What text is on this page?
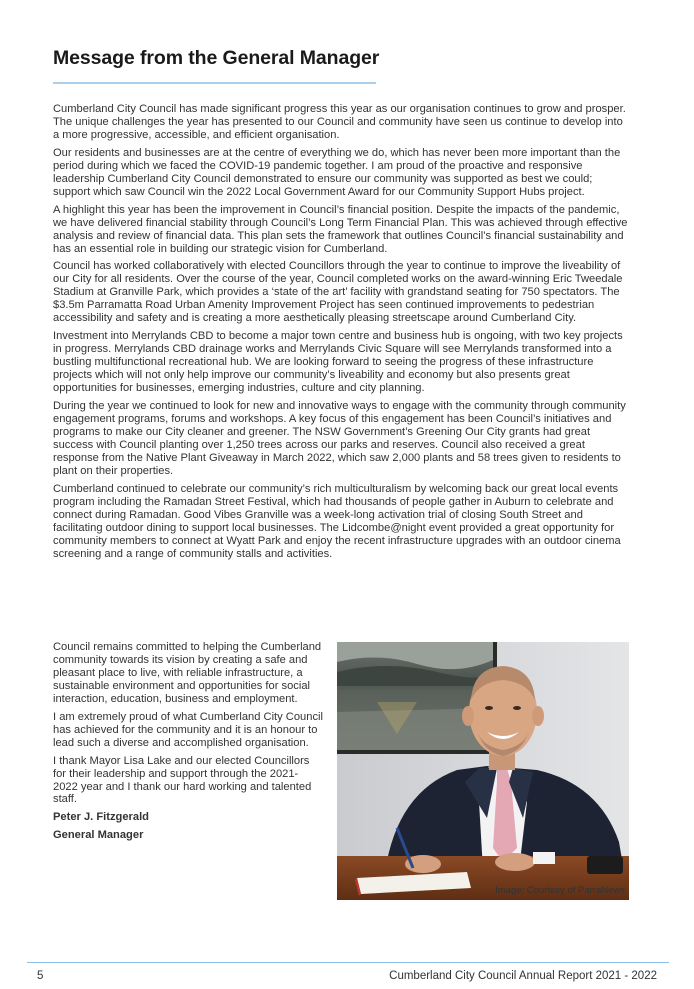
Message from the General Manager

Cumberland City Council has made significant progress this year as our organisation continues to grow and prosper. The unique challenges the year has presented to our Council and community have seen us continue to develop into a more progressive, accessible, and efficient organisation.

Our residents and businesses are at the centre of everything we do, which has never been more important than the period during which we faced the COVID-19 pandemic together. I am proud of the proactive and responsive leadership Cumberland City Council demonstrated to ensure our community was supported as best we could; support which saw Council win the 2022 Local Government Award for our Community Support Hubs project.

A highlight this year has been the improvement in Council’s financial position. Despite the impacts of the pandemic, we have delivered financial stability through Council’s Long Term Financial Plan. This was achieved through effective analysis and review of financial data. This plan sets the framework that outlines Council’s financial sustainability and has an essential role in building our strategic vision for Cumberland.

Council has worked collaboratively with elected Councillors through the year to continue to improve the liveability of our City for all residents. Over the course of the year, Council completed works on the award-winning Eric Tweedale Stadium at Granville Park, which provides a ‘state of the art’ facility with grandstand seating for 750 spectators. The $3.5m Parramatta Road Urban Amenity Improvement Project has seen continued improvements to pedestrian accessibility and safety and is creating a more aesthetically pleasing streetscape around Cumberland City.

Investment into Merrylands CBD to become a major town centre and business hub is ongoing, with two key projects in progress. Merrylands CBD drainage works and Merrylands Civic Square will see Merrylands transformed into a bustling multifunctional recreational hub. We are looking forward to seeing the progress of these infrastructure projects which will not only help improve our community’s liveability and economy but also presents great opportunities for businesses, emerging industries, culture and city planning.

During the year we continued to look for new and innovative ways to engage with the community through community engagement programs, forums and workshops. A key focus of this engagement has been Council’s initiatives and programs to make our City cleaner and greener. The NSW Government’s Greening Our City grants had great success with Council planting over 1,250 trees across our parks and reserves. Council also received a great response from the Native Plant Giveaway in March 2022, which saw 2,000 plants and 58 trees given to residents to plant on their properties.

Cumberland continued to celebrate our community’s rich multiculturalism by welcoming back our great local events program including the Ramadan Street Festival, which had thousands of people gather in Auburn to celebrate and connect during Ramadan. Good Vibes Granville was a week-long activation trial of closing South Street and facilitating outdoor dining to support local businesses. The Lidcombe@night event provided a great opportunity for community members to connect at Wyatt Park and enjoy the recent infrastructure upgrades with an outdoor cinema screening and a range of community stalls and activities.

Council remains committed to helping the Cumberland community towards its vision by creating a safe and pleasant place to live, with reliable infrastructure, a sustainable environment and opportunities for social interaction, education, business and employment.

I am extremely proud of what Cumberland City Council has achieved for the community and it is an honour to lead such a diverse and accomplished organisation.

I thank Mayor Lisa Lake and our elected Councillors for their leadership and support through the 2021-2022 year and I thank our hard working and talented staff.

Peter J. Fitzgerald

General Manager

Image: Courtesy of ParraNews
5	Cumberland City Council Annual Report 2021 - 2022
